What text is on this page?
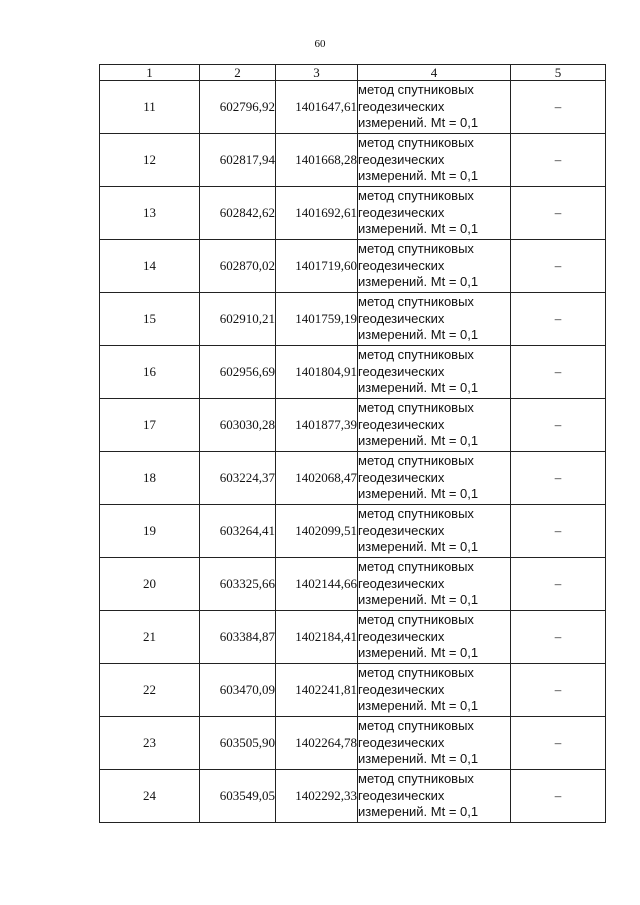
60
1	2	3	4	5
11	602796,92	1401647,61	метод спутниковых
геодезических
измерений. Mt = 0,1	–
12	602817,94	1401668,28	метод спутниковых
геодезических
измерений. Mt = 0,1	–
13	602842,62	1401692,61	метод спутниковых
геодезических
измерений. Mt = 0,1	–
14	602870,02	1401719,60	метод спутниковых
геодезических
измерений. Mt = 0,1	–
15	602910,21	1401759,19	метод спутниковых
геодезических
измерений. Mt = 0,1	–
16	602956,69	1401804,91	метод спутниковых
геодезических
измерений. Mt = 0,1	–
17	603030,28	1401877,39	метод спутниковых
геодезических
измерений. Mt = 0,1	–
18	603224,37	1402068,47	метод спутниковых
геодезических
измерений. Mt = 0,1	–
19	603264,41	1402099,51	метод спутниковых
геодезических
измерений. Mt = 0,1	–
20	603325,66	1402144,66	метод спутниковых
геодезических
измерений. Mt = 0,1	–
21	603384,87	1402184,41	метод спутниковых
геодезических
измерений. Mt = 0,1	–
22	603470,09	1402241,81	метод спутниковых
геодезических
измерений. Mt = 0,1	–
23	603505,90	1402264,78	метод спутниковых
геодезических
измерений. Mt = 0,1	–
24	603549,05	1402292,33	метод спутниковых
геодезических
измерений. Mt = 0,1	–
